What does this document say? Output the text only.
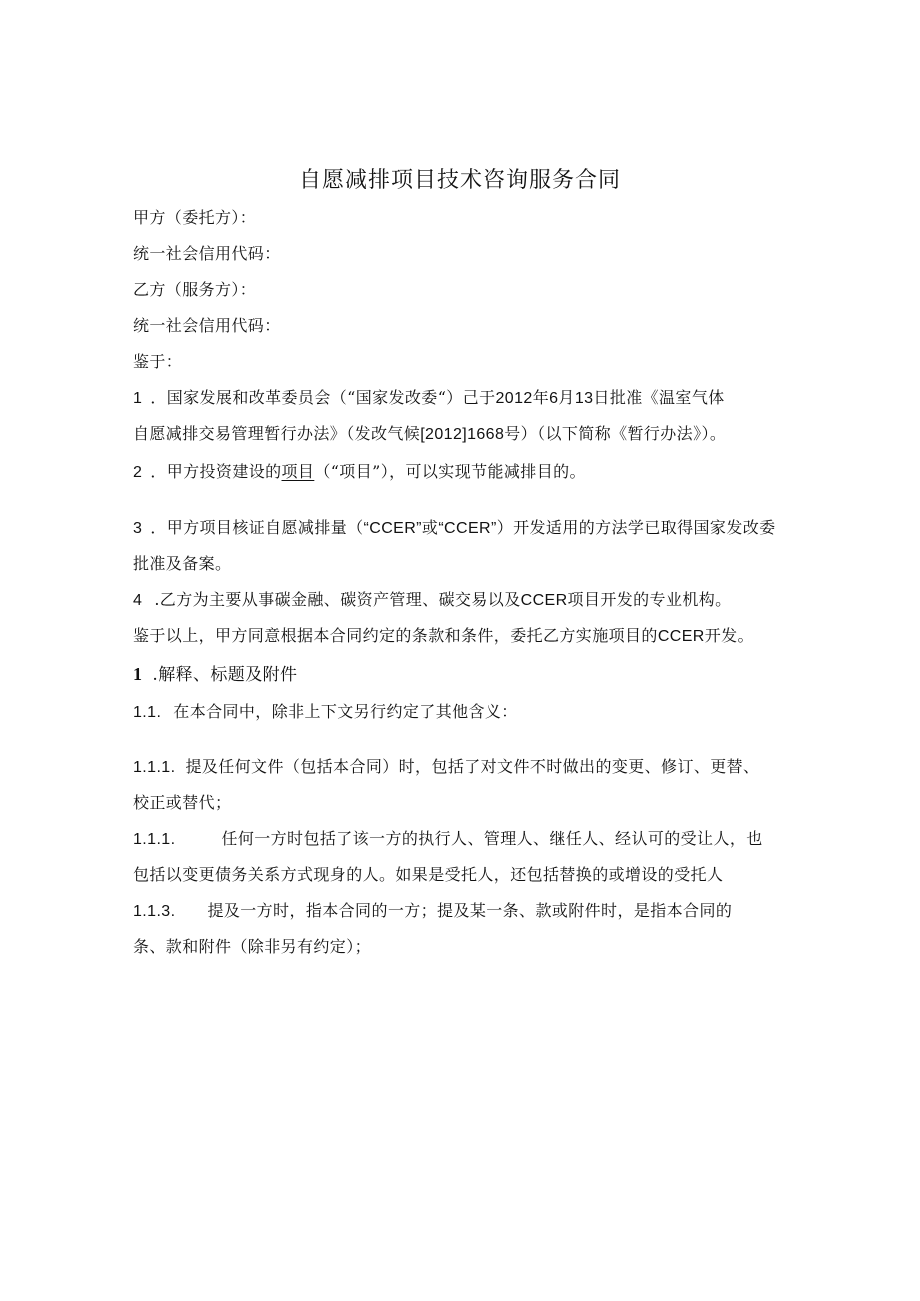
自愿减排项目技术咨询服务合同
甲方（委托方）：
统一社会信用代码：
乙方（服务方）：
统一社会信用代码：
鉴于：
1 ．国家发展和改革委员会（“国家发改委“）己于2012年6月13日批准《温室气体
自愿减排交易管理暂行办法》（发改气候[2012]1668号）（以下简称《暂行办法》）。
2 ．甲方投资建设的项目（“项目”），可以实现节能减排目的。
3 ．甲方项目核证自愿减排量（“CCER”或“CCER”）开发适用的方法学已取得国家发改委
批准及备案。
4 .乙方为主要从事碳金融、碳资产管理、碳交易以及CCER项目开发的专业机构。
鉴于以上，甲方同意根据本合同约定的条款和条件，委托乙方实施项目的CCER开发。
1 .解释、标题及附件
1.1. 在本合同中，除非上下文另行约定了其他含义：
1.1.1. 提及任何文件（包括本合同）时，包括了对文件不时做出的变更、修订、更替、
校正或替代；
1.1.1.	任何一方时包括了该一方的执行人、管理人、继任人、经认可的受让人，也
包括以变更债务关系方式现身的人。如果是受托人，还包括替换的或增设的受托人
1.1.3. 提及一方时，指本合同的一方；提及某一条、款或附件时，是指本合同的
条、款和附件（除非另有约定）；
